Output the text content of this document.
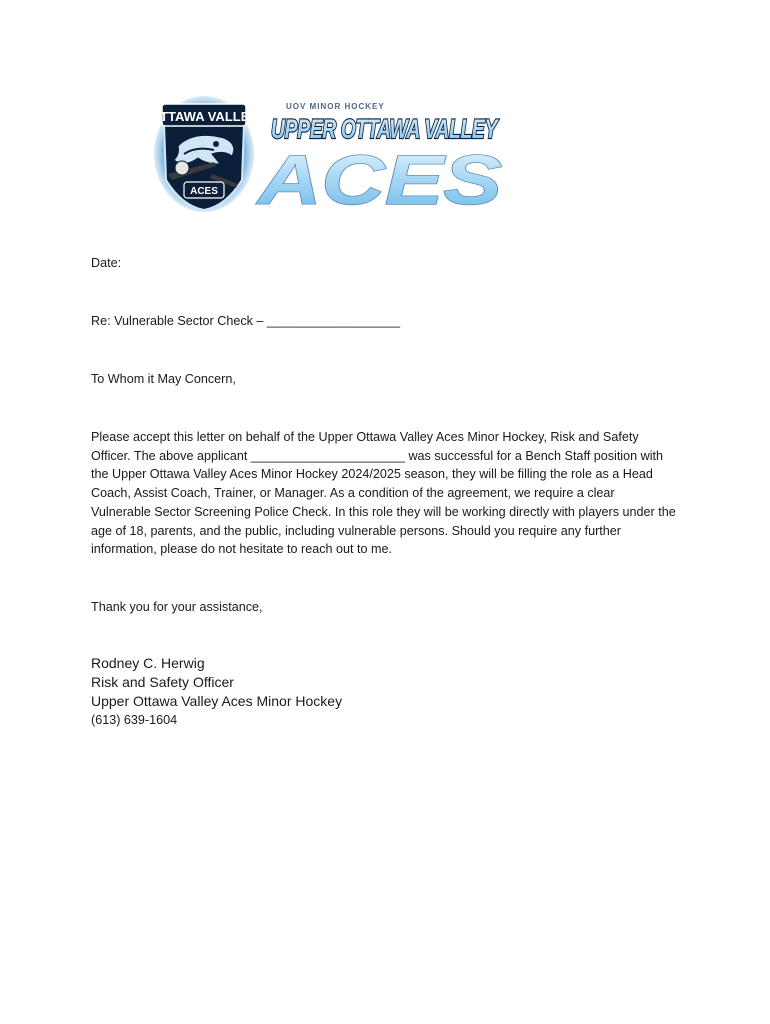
OTTAWA VALLEY
ACES
UOV MINOR HOCKEY
UPPER OTTAWA VALLEY
ACES

Date:

Re: Vulnerable Sector Check – ___________________

To Whom it May Concern,

Please accept this letter on behalf of the Upper Ottawa Valley Aces Minor Hockey, Risk and Safety Officer. The above applicant ______________________ was successful for a Bench Staff position with the Upper Ottawa Valley Aces Minor Hockey 2024/2025 season, they will be filling the role as a Head Coach, Assist Coach, Trainer, or Manager. As a condition of the agreement, we require a clear Vulnerable Sector Screening Police Check. In this role they will be working directly with players under the age of 18, parents, and the public, including vulnerable persons. Should you require any further information, please do not hesitate to reach out to me.

Thank you for your assistance,

Rodney C. Herwig
Risk and Safety Officer
Upper Ottawa Valley Aces Minor Hockey
(613) 639-1604
